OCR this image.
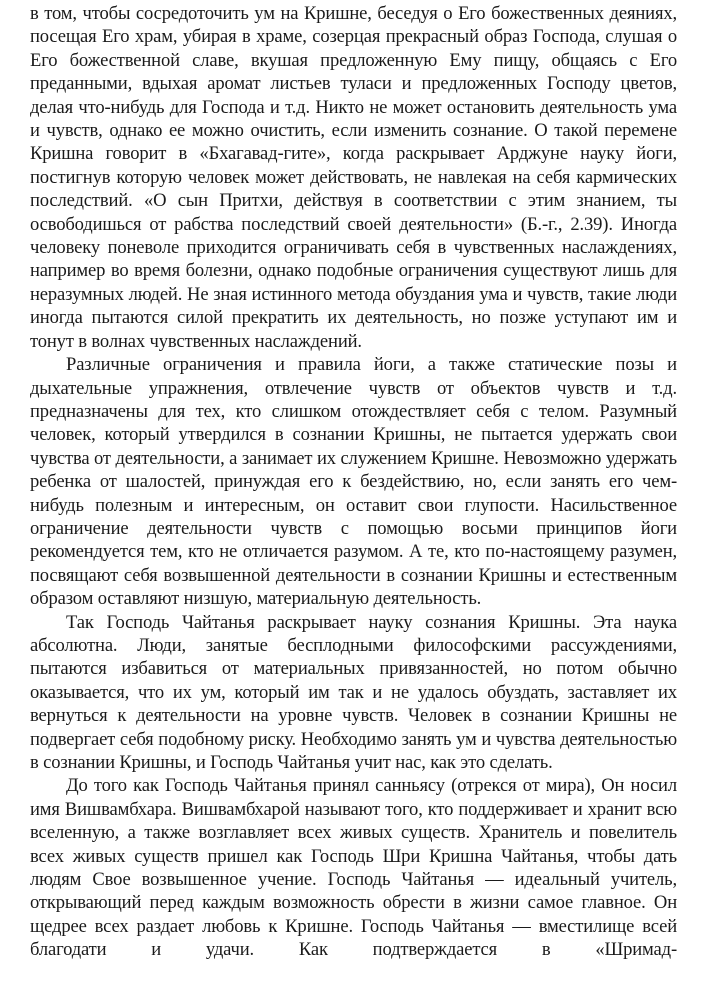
в том, чтобы сосредоточить ум на Кришне, беседуя о Его божественных деяниях, посещая Его храм, убирая в храме, созерцая прекрасный образ Господа, слушая о Его божественной славе, вкушая предложенную Ему пищу, общаясь с Его преданными, вдыхая аромат листьев туласи и предложенных Господу цветов, делая что-нибудь для Господа и т.д. Никто не может остановить деятельность ума и чувств, однако ее можно очистить, если изменить сознание. О такой перемене Кришна говорит в «Бхагавад-гите», когда раскрывает Арджуне науку йоги, постигнув которую человек может действовать, не навлекая на себя кармических последствий. «О сын Притхи, действуя в соответствии с этим знанием, ты освободишься от рабства последствий своей деятельности» (Б.-г., 2.39). Иногда человеку поневоле приходится ограничивать себя в чувственных наслаждениях, например во время болезни, однако подобные ограничения существуют лишь для неразумных людей. Не зная истинного метода обуздания ума и чувств, такие люди иногда пытаются силой прекратить их деятельность, но позже уступают им и тонут в волнах чувственных наслаждений.

Различные ограничения и правила йоги, а также статические позы и дыхательные упражнения, отвлечение чувств от объектов чувств и т.д. предназначены для тех, кто слишком отождествляет себя с телом. Разумный человек, который утвердился в сознании Кришны, не пытается удержать свои чувства от деятельности, а занимает их служением Кришне. Невозможно удержать ребенка от шалостей, принуждая его к бездействию, но, если занять его чем-нибудь полезным и интересным, он оставит свои глупости. Насильственное ограничение деятельности чувств с помощью восьми принципов йоги рекомендуется тем, кто не отличается разумом. А те, кто по-настоящему разумен, посвящают себя возвышенной деятельности в сознании Кришны и естественным образом оставляют низшую, материальную деятельность.

Так Господь Чайтанья раскрывает науку сознания Кришны. Эта наука абсолютна. Люди, занятые бесплодными философскими рассуждениями, пытаются избавиться от материальных привязанностей, но потом обычно оказывается, что их ум, который им так и не удалось обуздать, заставляет их вернуться к деятельности на уровне чувств. Человек в сознании Кришны не подвергает себя подобному риску. Необходимо занять ум и чувства деятельностью в сознании Кришны, и Господь Чайтанья учит нас, как это сделать.

До того как Господь Чайтанья принял санньясу (отрекся от мира), Он носил имя Вишвамбхара. Вишвамбхарой называют того, кто поддерживает и хранит всю вселенную, а также возглавляет всех живых существ. Хранитель и повелитель всех живых существ пришел как Господь Шри Кришна Чайтанья, чтобы дать людям Свое возвышенное учение. Господь Чайтанья — идеальный учитель, открывающий перед каждым возможность обрести в жизни самое главное. Он щедрее всех раздает любовь к Кришне. Господь Чайтанья — вместилище всей благодати и удачи. Как подтверждается в «Шримад-
